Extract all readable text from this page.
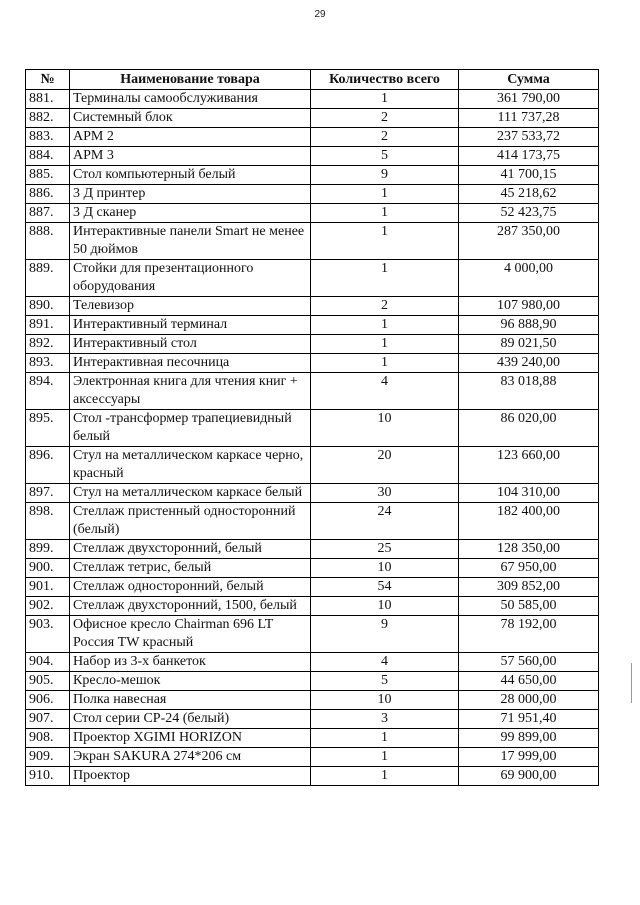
29
№	Наименование товара	Количество всего	Сумма
881.	Терминалы самообслуживания	1	361 790,00
882.	Системный блок	2	111 737,28
883.	АРМ 2	2	237 533,72
884.	АРМ 3	5	414 173,75
885.	Стол компьютерный белый	9	41 700,15
886.	3 Д принтер	1	45 218,62
887.	3 Д сканер	1	52 423,75
888.	Интерактивные панели Smart не менее 50 дюймов	1	287 350,00
889.	Стойки для презентационного оборудования	1	4 000,00
890.	Телевизор	2	107 980,00
891.	Интерактивный терминал	1	96 888,90
892.	Интерактивный стол	1	89 021,50
893.	Интерактивная песочница	1	439 240,00
894.	Электронная книга для чтения книг + аксессуары	4	83 018,88
895.	Стол -трансформер трапециевидный белый	10	86 020,00
896.	Стул на металлическом каркасе черно, красный	20	123 660,00
897.	Стул на металлическом каркасе белый	30	104 310,00
898.	Стеллаж пристенный односторонний (белый)	24	182 400,00
899.	Стеллаж двухсторонний, белый	25	128 350,00
900.	Стеллаж тетрис, белый	10	67 950,00
901.	Стеллаж односторонний, белый	54	309 852,00
902.	Стеллаж двухсторонний, 1500, белый	10	50 585,00
903.	Офисное кресло Chairman 696 LT Россия TW красный	9	78 192,00
904.	Набор из 3-х банкеток	4	57 560,00
905.	Кресло-мешок	5	44 650,00
906.	Полка навесная	10	28 000,00
907.	Стол серии СР-24 (белый)	3	71 951,40
908.	Проектор XGIMI HORIZON	1	99 899,00
909.	Экран SAKURA 274*206 см	1	17 999,00
910.	Проектор	1	69 900,00
